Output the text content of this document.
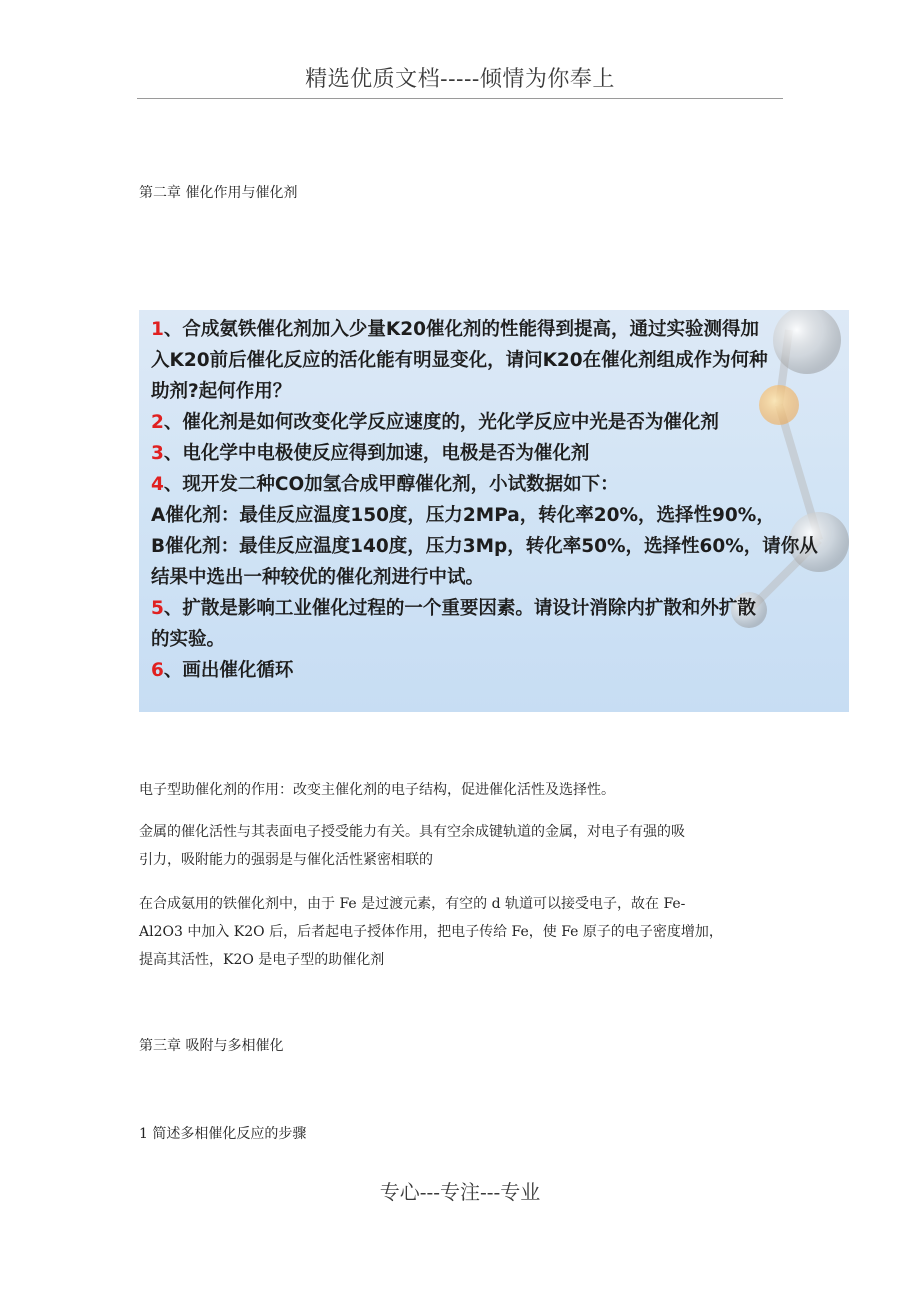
精选优质文档-----倾情为你奉上
第二章 催化作用与催化剂
1、合成氨铁催化剂加入少量K20催化剂的性能得到提高，通过实验测得加
入K20前后催化反应的活化能有明显变化，请问K20在催化剂组成作为何种
助剂?起何作用？
2、催化剂是如何改变化学反应速度的，光化学反应中光是否为催化剂
3、电化学中电极使反应得到加速，电极是否为催化剂
4、现开发二种CO加氢合成甲醇催化剂，小试数据如下：
A催化剂：最佳反应温度150度，压力2MPa，转化率20%，选择性90%，
B催化剂：最佳反应温度140度，压力3Mp，转化率50%，选择性60%，请你从
结果中选出一种较优的催化剂进行中试。
5、扩散是影响工业催化过程的一个重要因素。请设计消除内扩散和外扩散
的实验。
6、画出催化循环
电子型助催化剂的作用：改变主催化剂的电子结构，促进催化活性及选择性。
金属的催化活性与其表面电子授受能力有关。具有空余成键轨道的金属，对电子有强的吸
引力，吸附能力的强弱是与催化活性紧密相联的
在合成氨用的铁催化剂中，由于 Fe 是过渡元素，有空的 d 轨道可以接受电子，故在 Fe-
Al2O3 中加入 K2O 后，后者起电子授体作用，把电子传给 Fe，使 Fe 原子的电子密度增加，
提高其活性，K2O 是电子型的助催化剂
第三章 吸附与多相催化
1 简述多相催化反应的步骤
专心---专注---专业
